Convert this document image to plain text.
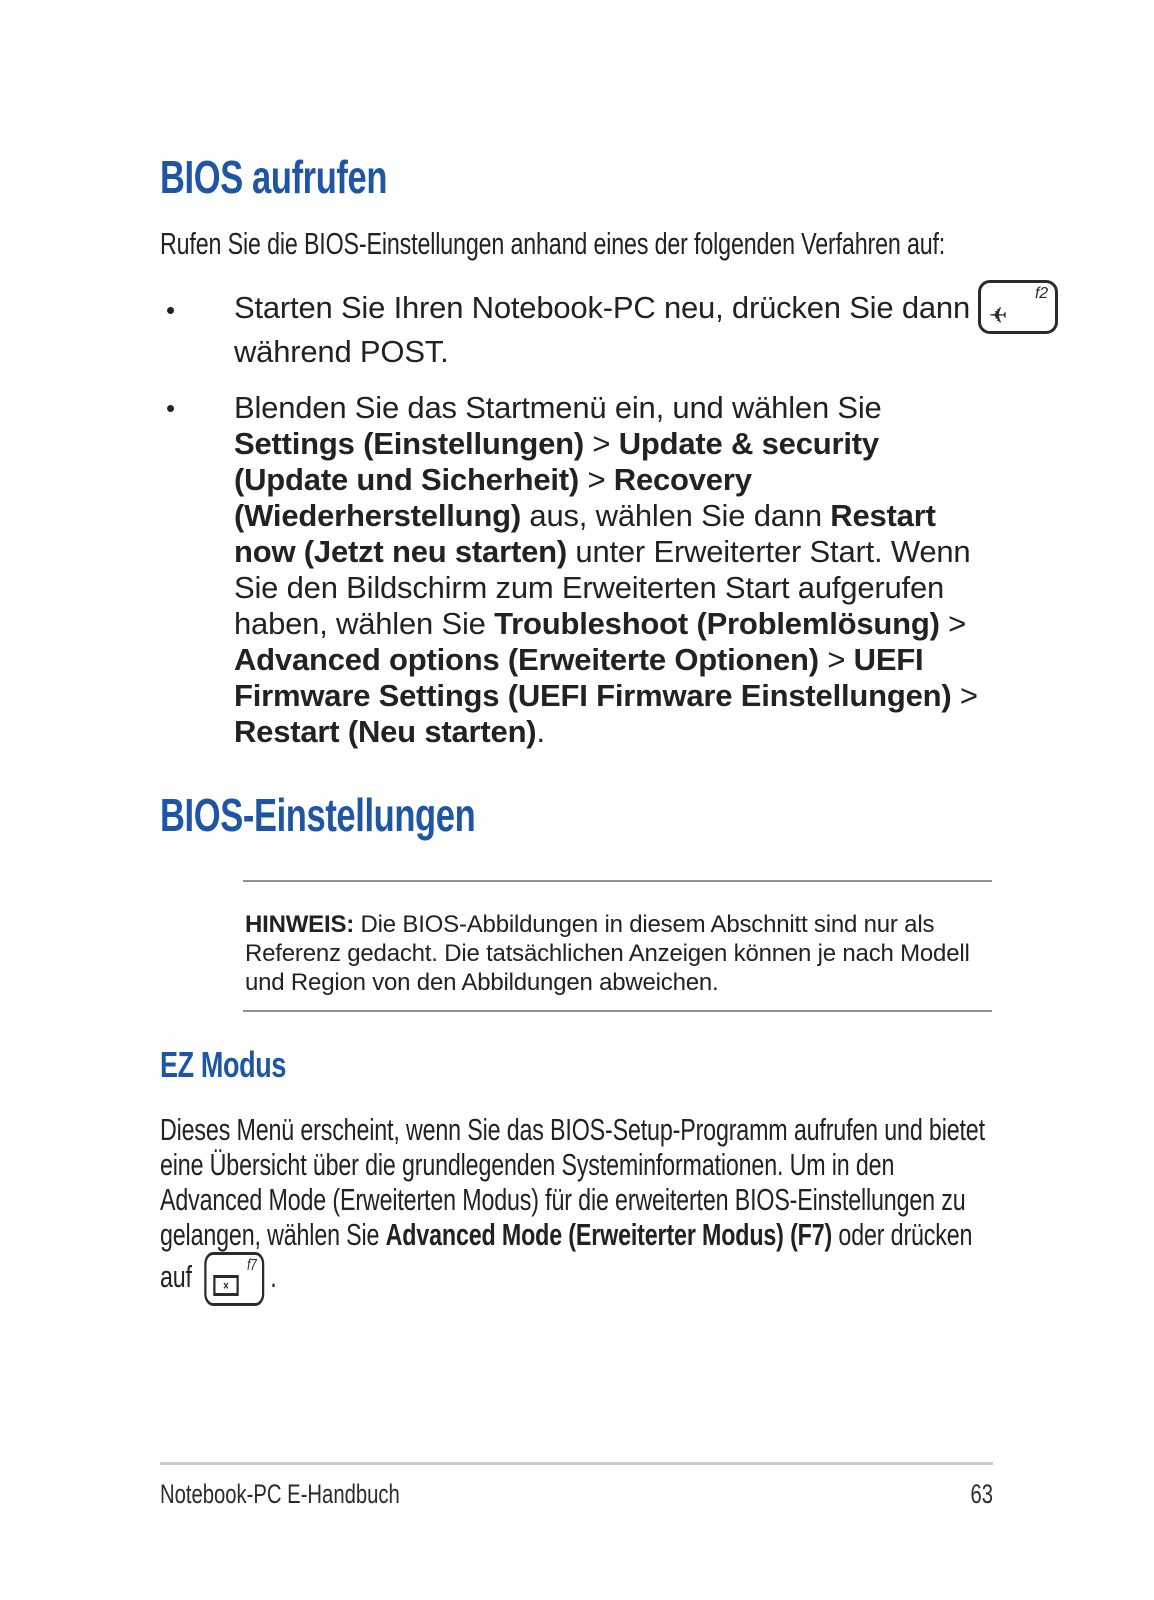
BIOS aufrufen

Rufen Sie die BIOS-Einstellungen anhand eines der folgenden Verfahren auf:

• Starten Sie Ihren Notebook-PC neu, drücken Sie dann ✈
f2
während POST.
• Blenden Sie das Startmenü ein, und wählen Sie Settings (Einstellungen) > Update & security (Update und Sicherheit) > Recovery (Wiederherstellung) aus, wählen Sie dann Restart now (Jetzt neu starten) unter Erweiterter Start. Wenn Sie den Bildschirm zum Erweiterten Start aufgerufen haben, wählen Sie Troubleshoot (Problemlösung) > Advanced options (Erweiterte Optionen) > UEFI Firmware Settings (UEFI Firmware Einstellungen) > Restart (Neu starten).
BIOS-Einstellungen

HINWEIS: Die BIOS-Abbildungen in diesem Abschnitt sind nur als Referenz gedacht. Die tatsächlichen Anzeigen können je nach Modell und Region von den Abbildungen abweichen.

EZ Modus

Dieses Menü erscheint, wenn Sie das BIOS-Setup-Programm aufrufen und bietet eine Übersicht über die grundlegenden Systeminformationen. Um in den Advanced Mode (Erweiterten Modus) für die erweiterten BIOS-Einstellungen zu gelangen, wählen Sie Advanced Mode (Erweiterter Modus) (F7) oder drücken auf ×
f7 .

Notebook-PC E-Handbuch	63
